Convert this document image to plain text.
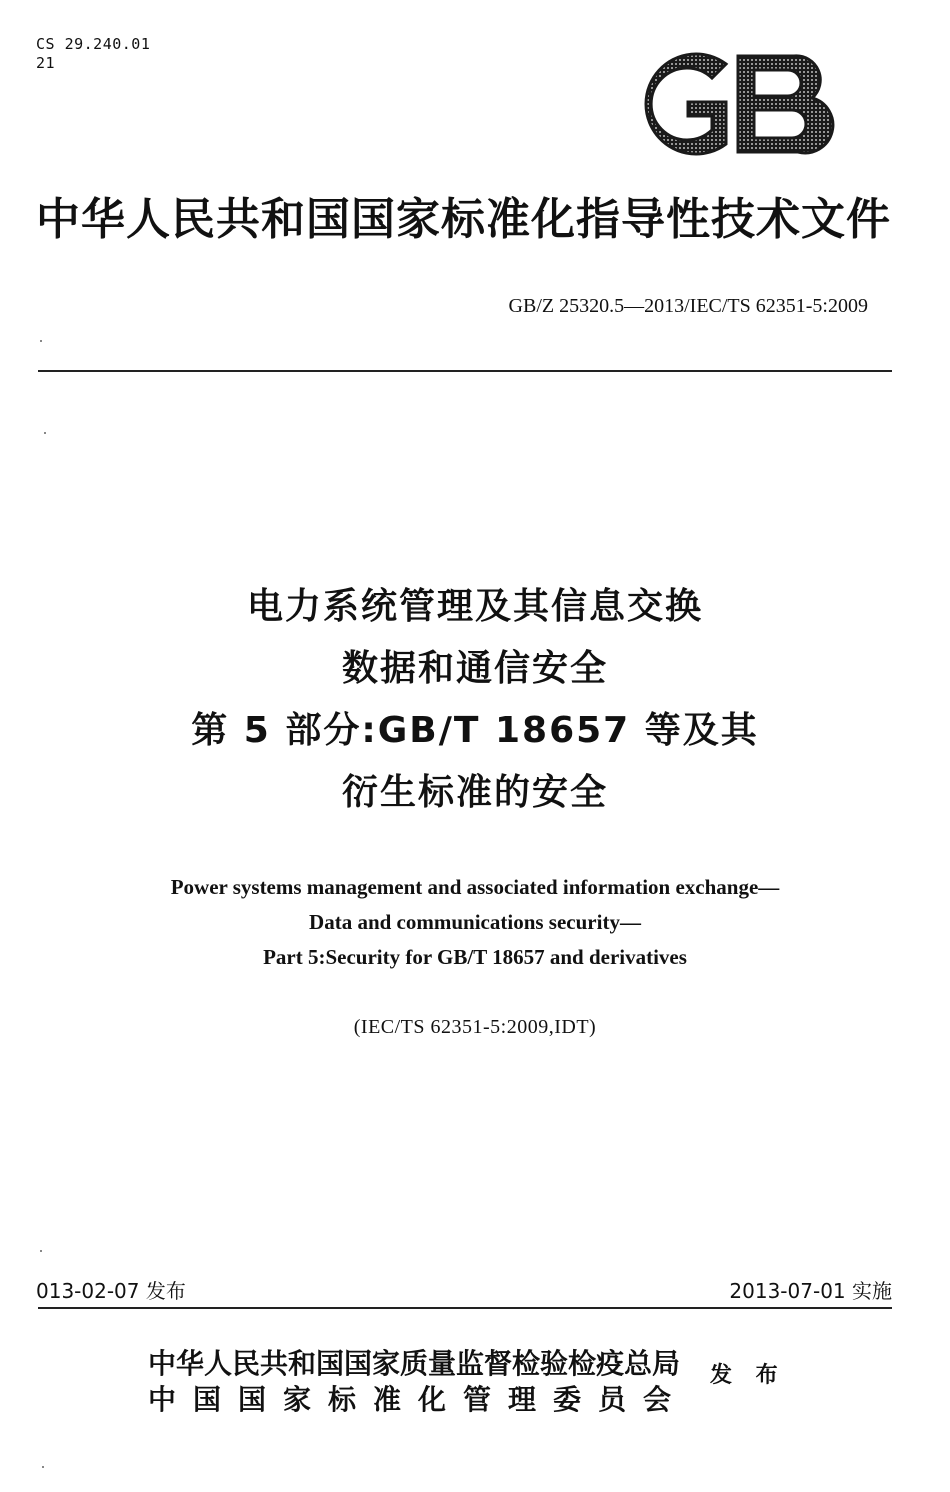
CS 29.240.01
21
中华人民共和国国家标准化指导性技术文件
GB/Z 25320.5—2013/IEC/TS 62351-5:2009
电力系统管理及其信息交换
数据和通信安全
第 5 部分:GB/T 18657 等及其
衍生标准的安全
Power systems management and associated information exchange—
Data and communications security—
Part 5:Security for GB/T 18657 and derivatives
(IEC/TS 62351-5:2009,IDT)
013-02-07 发布	2013-07-01 实施
中华人民共和国国家质量监督检验检疫总局
中国国家标准化管理委员会
发 布
